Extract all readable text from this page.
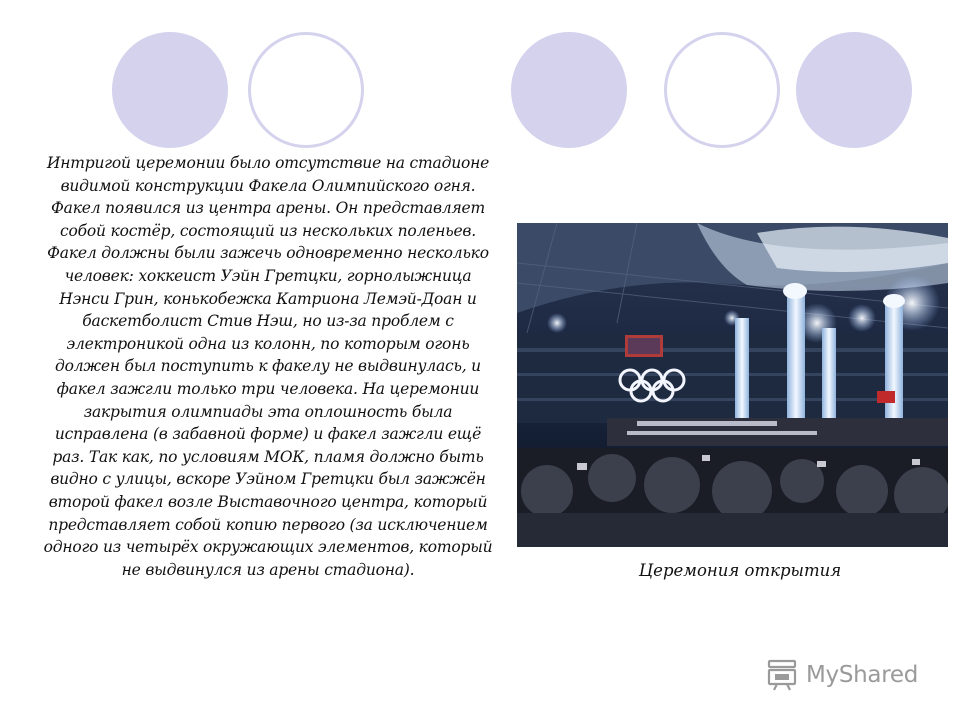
Интригой церемонии было отсутствие на стадионе видимой конструкции Факела Олимпийского огня. Факел появился из центра арены. Он представляет собой костёр, состоящий из нескольких поленьев. Факел должны были зажечь одновременно несколько человек: хоккеист Уэйн Гретцки, горнолыжница Нэнси Грин, конькобежка Катриона Лемэй-Доан и баскетболист Стив Нэш, но из-за проблем с электроникой одна из колонн, по которым огонь должен был поступить к факелу не выдвинулась, и факел зажгли только три человека. На церемонии закрытия олимпиады эта оплошность была исправлена (в забавной форме) и факел зажгли ещё раз. Так как, по условиям МОК, пламя должно быть видно с улицы, вскоре Уэйном Гретцки был зажжён второй факел возле Выставочного центра, который представляет собой копию первого (за исключением одного из четырёх окружающих элементов, который не выдвинулся из арены стадиона).	Церемония открытия
MyShared
